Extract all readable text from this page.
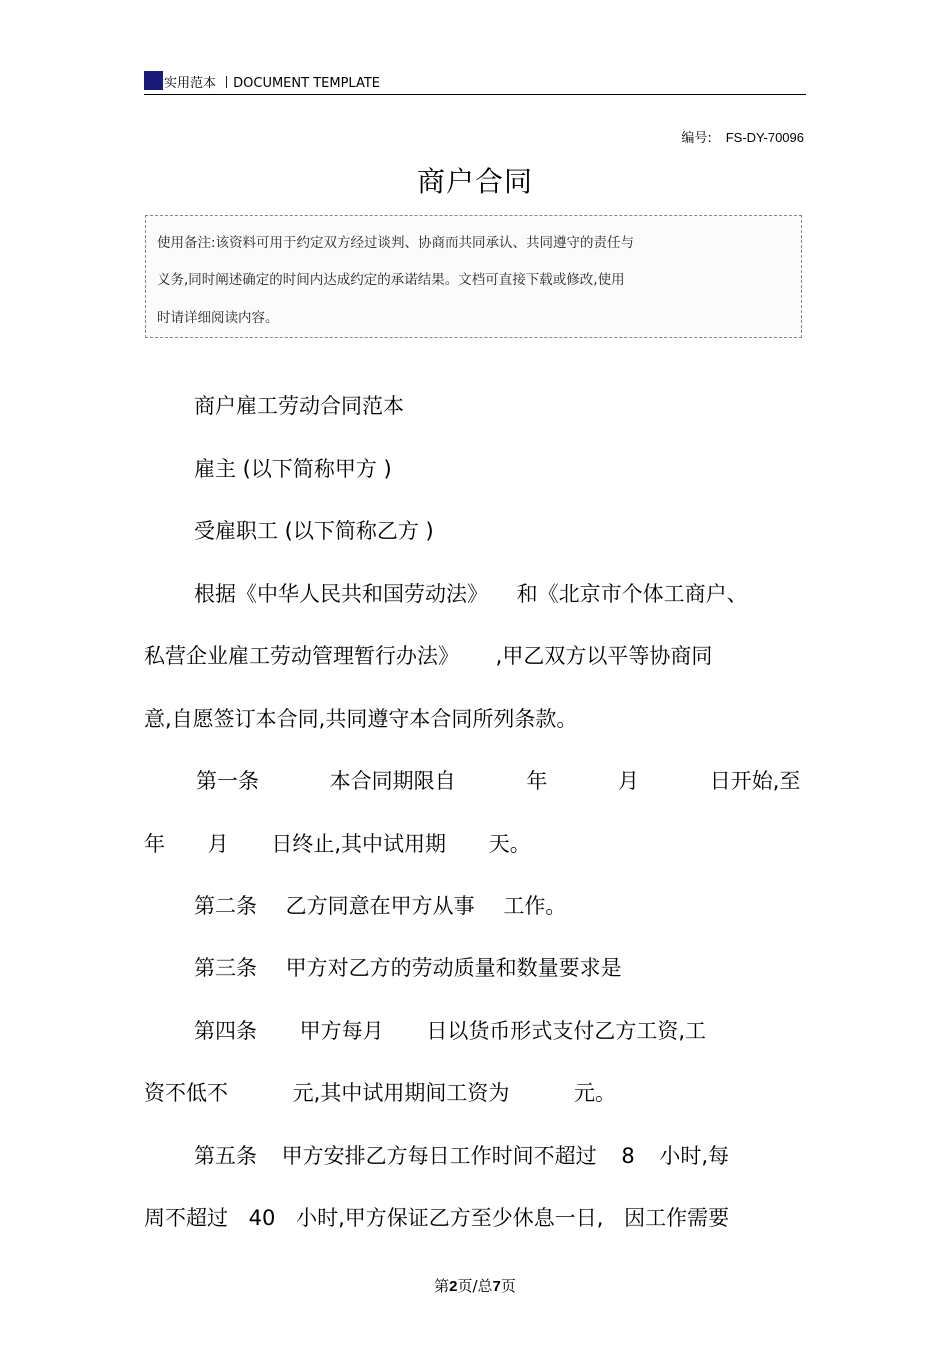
实用范本 丨DOCUMENT TEMPLATE
编号: FS-DY-70096
商户合同

使用备注:该资料可用于约定双方经过谈判、协商而共同承认、共同遵守的责任与

义务,同时阐述确定的时间内达成约定的承诺结果。文档可直接下载或修改,使用

时请详细阅读内容。

商户雇工劳动合同范本

雇主 (以下简称甲方 )

受雇职工 (以下简称乙方 )

根据《中华人民共和国劳动法》 和《北京市个体工商户、

私营企业雇工劳动管理暂行办法》 ,甲乙双方以平等协商同

意,自愿签订本合同,共同遵守本合同所列条款。

第一条 本合同期限自 年 月 日开始,至

年 月 日终止,其中试用期 天。

第二条 乙方同意在甲方从事 工作。

第三条 甲方对乙方的劳动质量和数量要求是

第四条 甲方每月 日以货币形式支付乙方工资,工

资不低不 元,其中试用期间工资为 元。

第五条 甲方安排乙方每日工作时间不超过 8 小时,每

周不超过 40 小时,甲方保证乙方至少休息一日, 因工作需要

第2页/总7页
